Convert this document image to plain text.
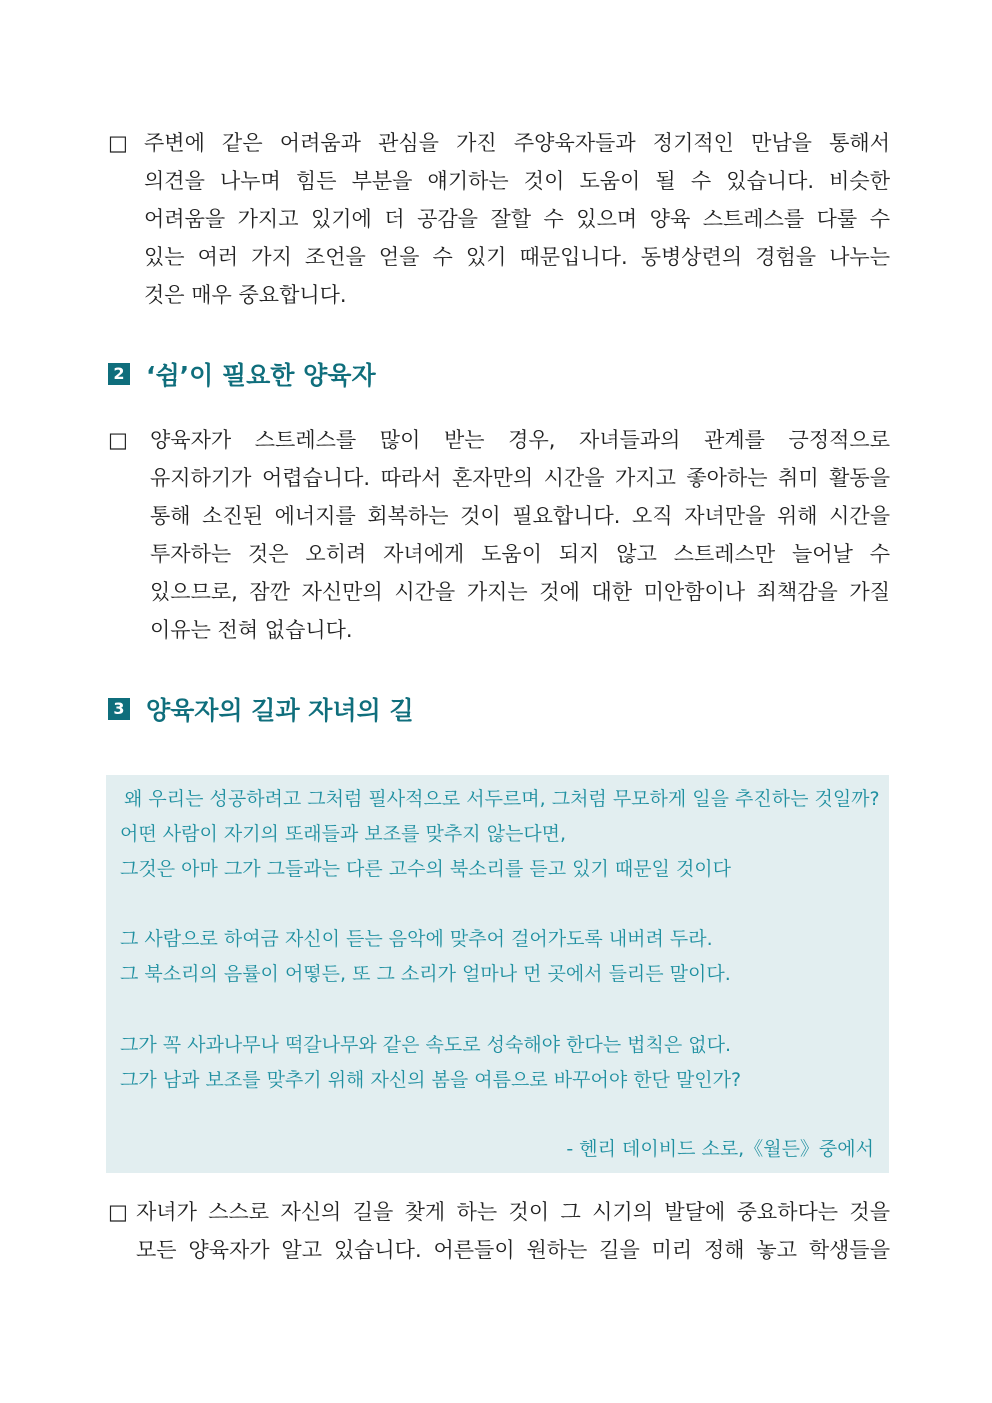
□ 주변에 같은 어려움과 관심을 가진 주양육자들과 정기적인 만남을 통해서
의견을 나누며 힘든 부분을 얘기하는 것이 도움이 될 수 있습니다. 비슷한
어려움을 가지고 있기에 더 공감을 잘할 수 있으며 양육 스트레스를 다룰 수
있는 여러 가지 조언을 얻을 수 있기 때문입니다. 동병상련의 경험을 나누는
것은 매우 중요합니다.
2 ‘쉼’이 필요한 양육자
□ 양육자가 스트레스를 많이 받는 경우, 자녀들과의 관계를 긍정적으로
유지하기가 어렵습니다. 따라서 혼자만의 시간을 가지고 좋아하는 취미 활동을
통해 소진된 에너지를 회복하는 것이 필요합니다. 오직 자녀만을 위해 시간을
투자하는 것은 오히려 자녀에게 도움이 되지 않고 스트레스만 늘어날 수
있으므로, 잠깐 자신만의 시간을 가지는 것에 대한 미안함이나 죄책감을 가질
이유는 전혀 없습니다.
3 양육자의 길과 자녀의 길
왜 우리는 성공하려고 그처럼 필사적으로 서두르며, 그처럼 무모하게 일을 추진하는 것일까?
어떤 사람이 자기의 또래들과 보조를 맞추지 않는다면,
그것은 아마 그가 그들과는 다른 고수의 북소리를 듣고 있기 때문일 것이다
그 사람으로 하여금 자신이 듣는 음악에 맞추어 걸어가도록 내버려 두라.
그 북소리의 음률이 어떻든, 또 그 소리가 얼마나 먼 곳에서 들리든 말이다.
그가 꼭 사과나무나 떡갈나무와 같은 속도로 성숙해야 한다는 법칙은 없다.
그가 남과 보조를 맞추기 위해 자신의 봄을 여름으로 바꾸어야 한단 말인가?
- 헨리 데이비드 소로,《월든》중에서
□ 자녀가 스스로 자신의 길을 찾게 하는 것이 그 시기의 발달에 중요하다는 것을
모든 양육자가 알고 있습니다. 어른들이 원하는 길을 미리 정해 놓고 학생들을
